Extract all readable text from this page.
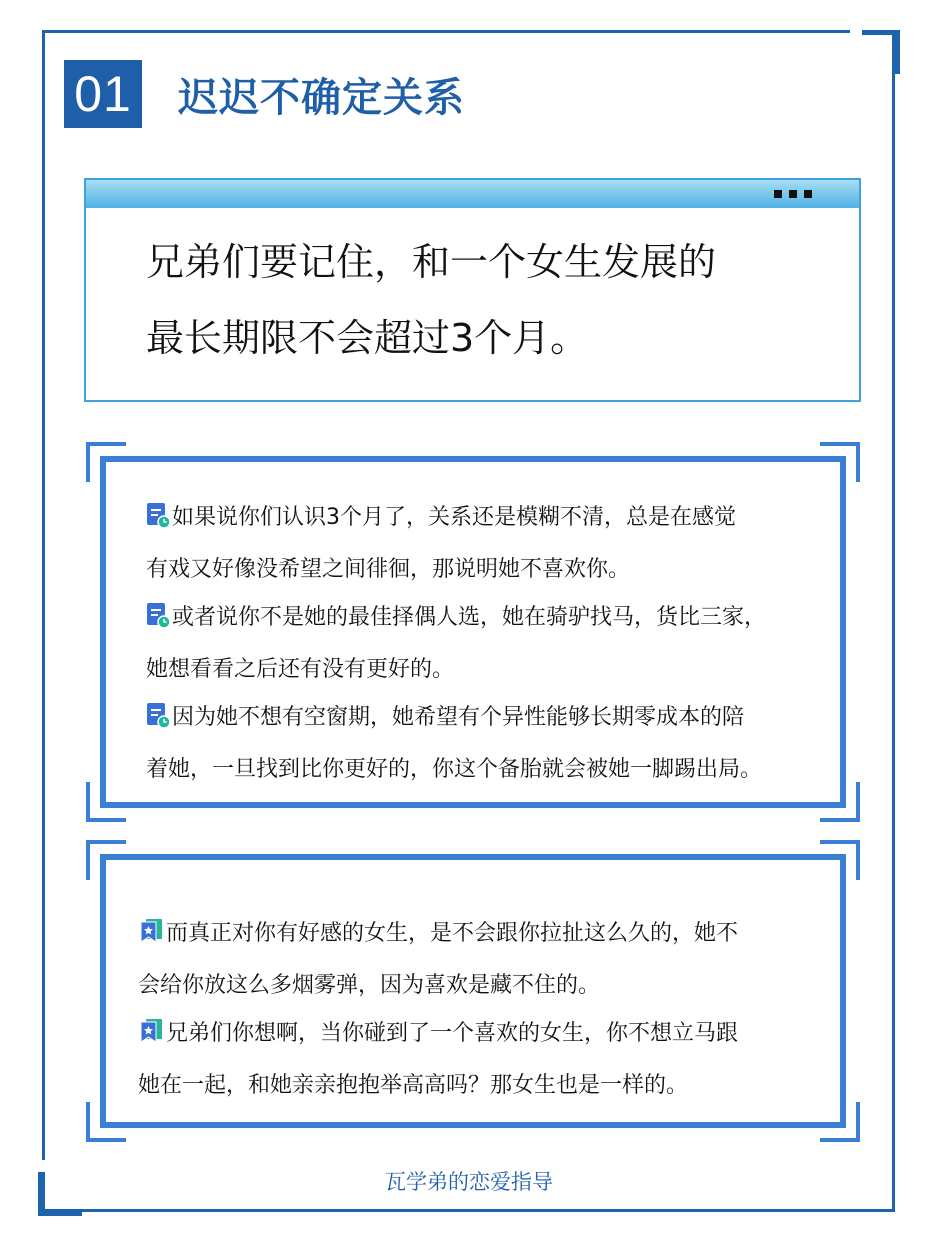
01 迟迟不确定关系
兄弟们要记住，和一个女生发展的
最长期限不会超过3个月。
如果说你们认识3个月了，关系还是模糊不清，总是在感觉
有戏又好像没希望之间徘徊，那说明她不喜欢你。
或者说你不是她的最佳择偶人选，她在骑驴找马，货比三家，
她想看看之后还有没有更好的。
因为她不想有空窗期，她希望有个异性能够长期零成本的陪
着她，一旦找到比你更好的，你这个备胎就会被她一脚踢出局。
而真正对你有好感的女生，是不会跟你拉扯这么久的，她不
会给你放这么多烟雾弹，因为喜欢是藏不住的。
兄弟们你想啊，当你碰到了一个喜欢的女生，你不想立马跟
她在一起，和她亲亲抱抱举高高吗？那女生也是一样的。
瓦学弟的恋爱指导
